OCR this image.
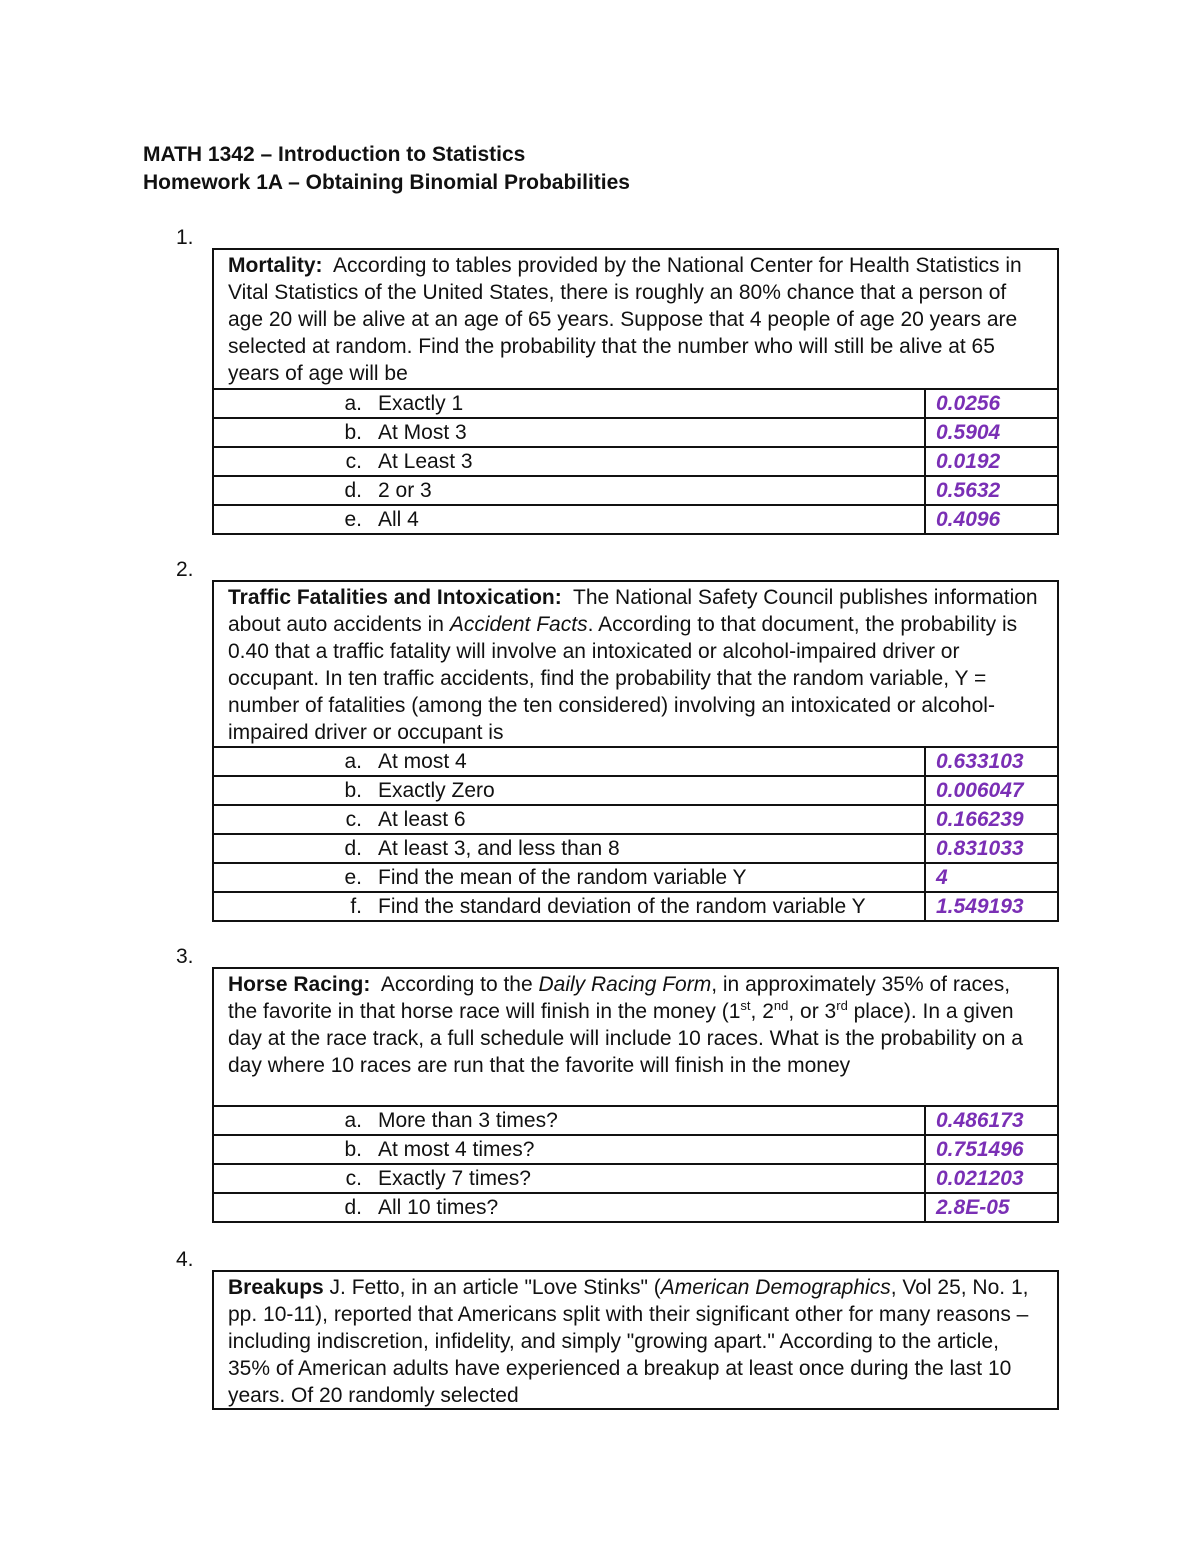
MATH 1342 – Introduction to Statistics
Homework 1A – Obtaining Binomial Probabilities
1.
Mortality: According to tables provided by the National Center for Health Statistics in Vital Statistics of the United States, there is roughly an 80% chance that a person of age 20 will be alive at an age of 65 years. Suppose that 4 people of age 20 years are selected at random. Find the probability that the number who will still be alive at 65 years of age will be
a. Exactly 1	0.0256
b. At Most 3	0.5904
c. At Least 3	0.0192
d. 2 or 3	0.5632
e. All 4	0.4096
2.
Traffic Fatalities and Intoxication: The National Safety Council publishes information about auto accidents in Accident Facts. According to that document, the probability is 0.40 that a traffic fatality will involve an intoxicated or alcohol-impaired driver or occupant. In ten traffic accidents, find the probability that the random variable, Y = number of fatalities (among the ten considered) involving an intoxicated or alcohol-impaired driver or occupant is
a. At most 4	0.633103
b. Exactly Zero	0.006047
c. At least 6	0.166239
d. At least 3, and less than 8	0.831033
e. Find the mean of the random variable Y	4
f. Find the standard deviation of the random variable Y	1.549193
3.
Horse Racing: According to the Daily Racing Form, in approximately 35% of races, the favorite in that horse race will finish in the money (1st, 2nd, or 3rd place). In a given day at the race track, a full schedule will include 10 races. What is the probability on a day where 10 races are run that the favorite will finish in the money
a. More than 3 times?	0.486173
b. At most 4 times?	0.751496
c. Exactly 7 times?	0.021203
d. All 10 times?	2.8E-05
4.
Breakups J. Fetto, in an article "Love Stinks" (American Demographics, Vol 25, No. 1, pp. 10-11), reported that Americans split with their significant other for many reasons – including indiscretion, infidelity, and simply "growing apart." According to the article, 35% of American adults have experienced a breakup at least once during the last 10 years. Of 20 randomly selected
